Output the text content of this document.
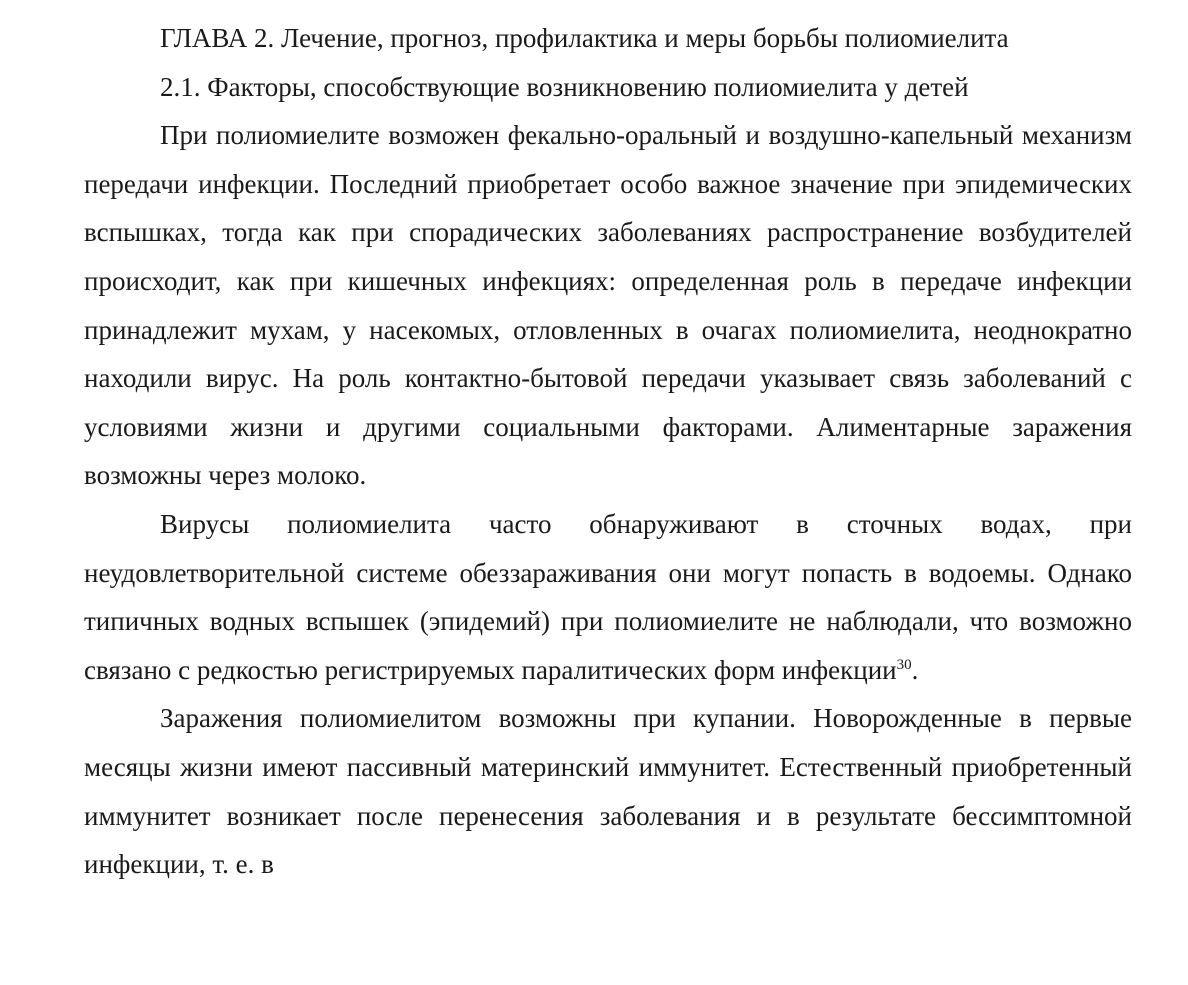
ГЛАВА 2. Лечение, прогноз, профилактика и меры борьбы полиомиелита
2.1. Факторы, способствующие возникновению полиомиелита у детей

При полиомиелите возможен фекально-оральный и воздушно-капельный механизм передачи инфекции. Последний приобретает особо важное значение при эпидемических вспышках, тогда как при спорадических заболеваниях распространение возбудителей происходит, как при кишечных инфекциях: определенная роль в передаче инфекции принадлежит мухам, у насекомых, отловленных в очагах полиомиелита, неоднократно находили вирус. На роль контактно-бытовой передачи указывает связь заболеваний с условиями жизни и другими социальными факторами. Алиментарные заражения возможны через молоко.

Вирусы полиомиелита часто обнаруживают в сточных водах, при неудовлетворительной системе обеззараживания они могут попасть в водоемы. Однако типичных водных вспышек (эпидемий) при полиомиелите не наблюдали, что возможно связано с редкостью регистрируемых паралитических форм инфекции$^{30}$.

Заражения полиомиелитом возможны при купании. Новорожденные в первые месяцы жизни имеют пассивный материнский иммунитет. Естественный приобретенный иммунитет возникает после перенесения заболевания и в результате бессимптомной инфекции, т. е. в
